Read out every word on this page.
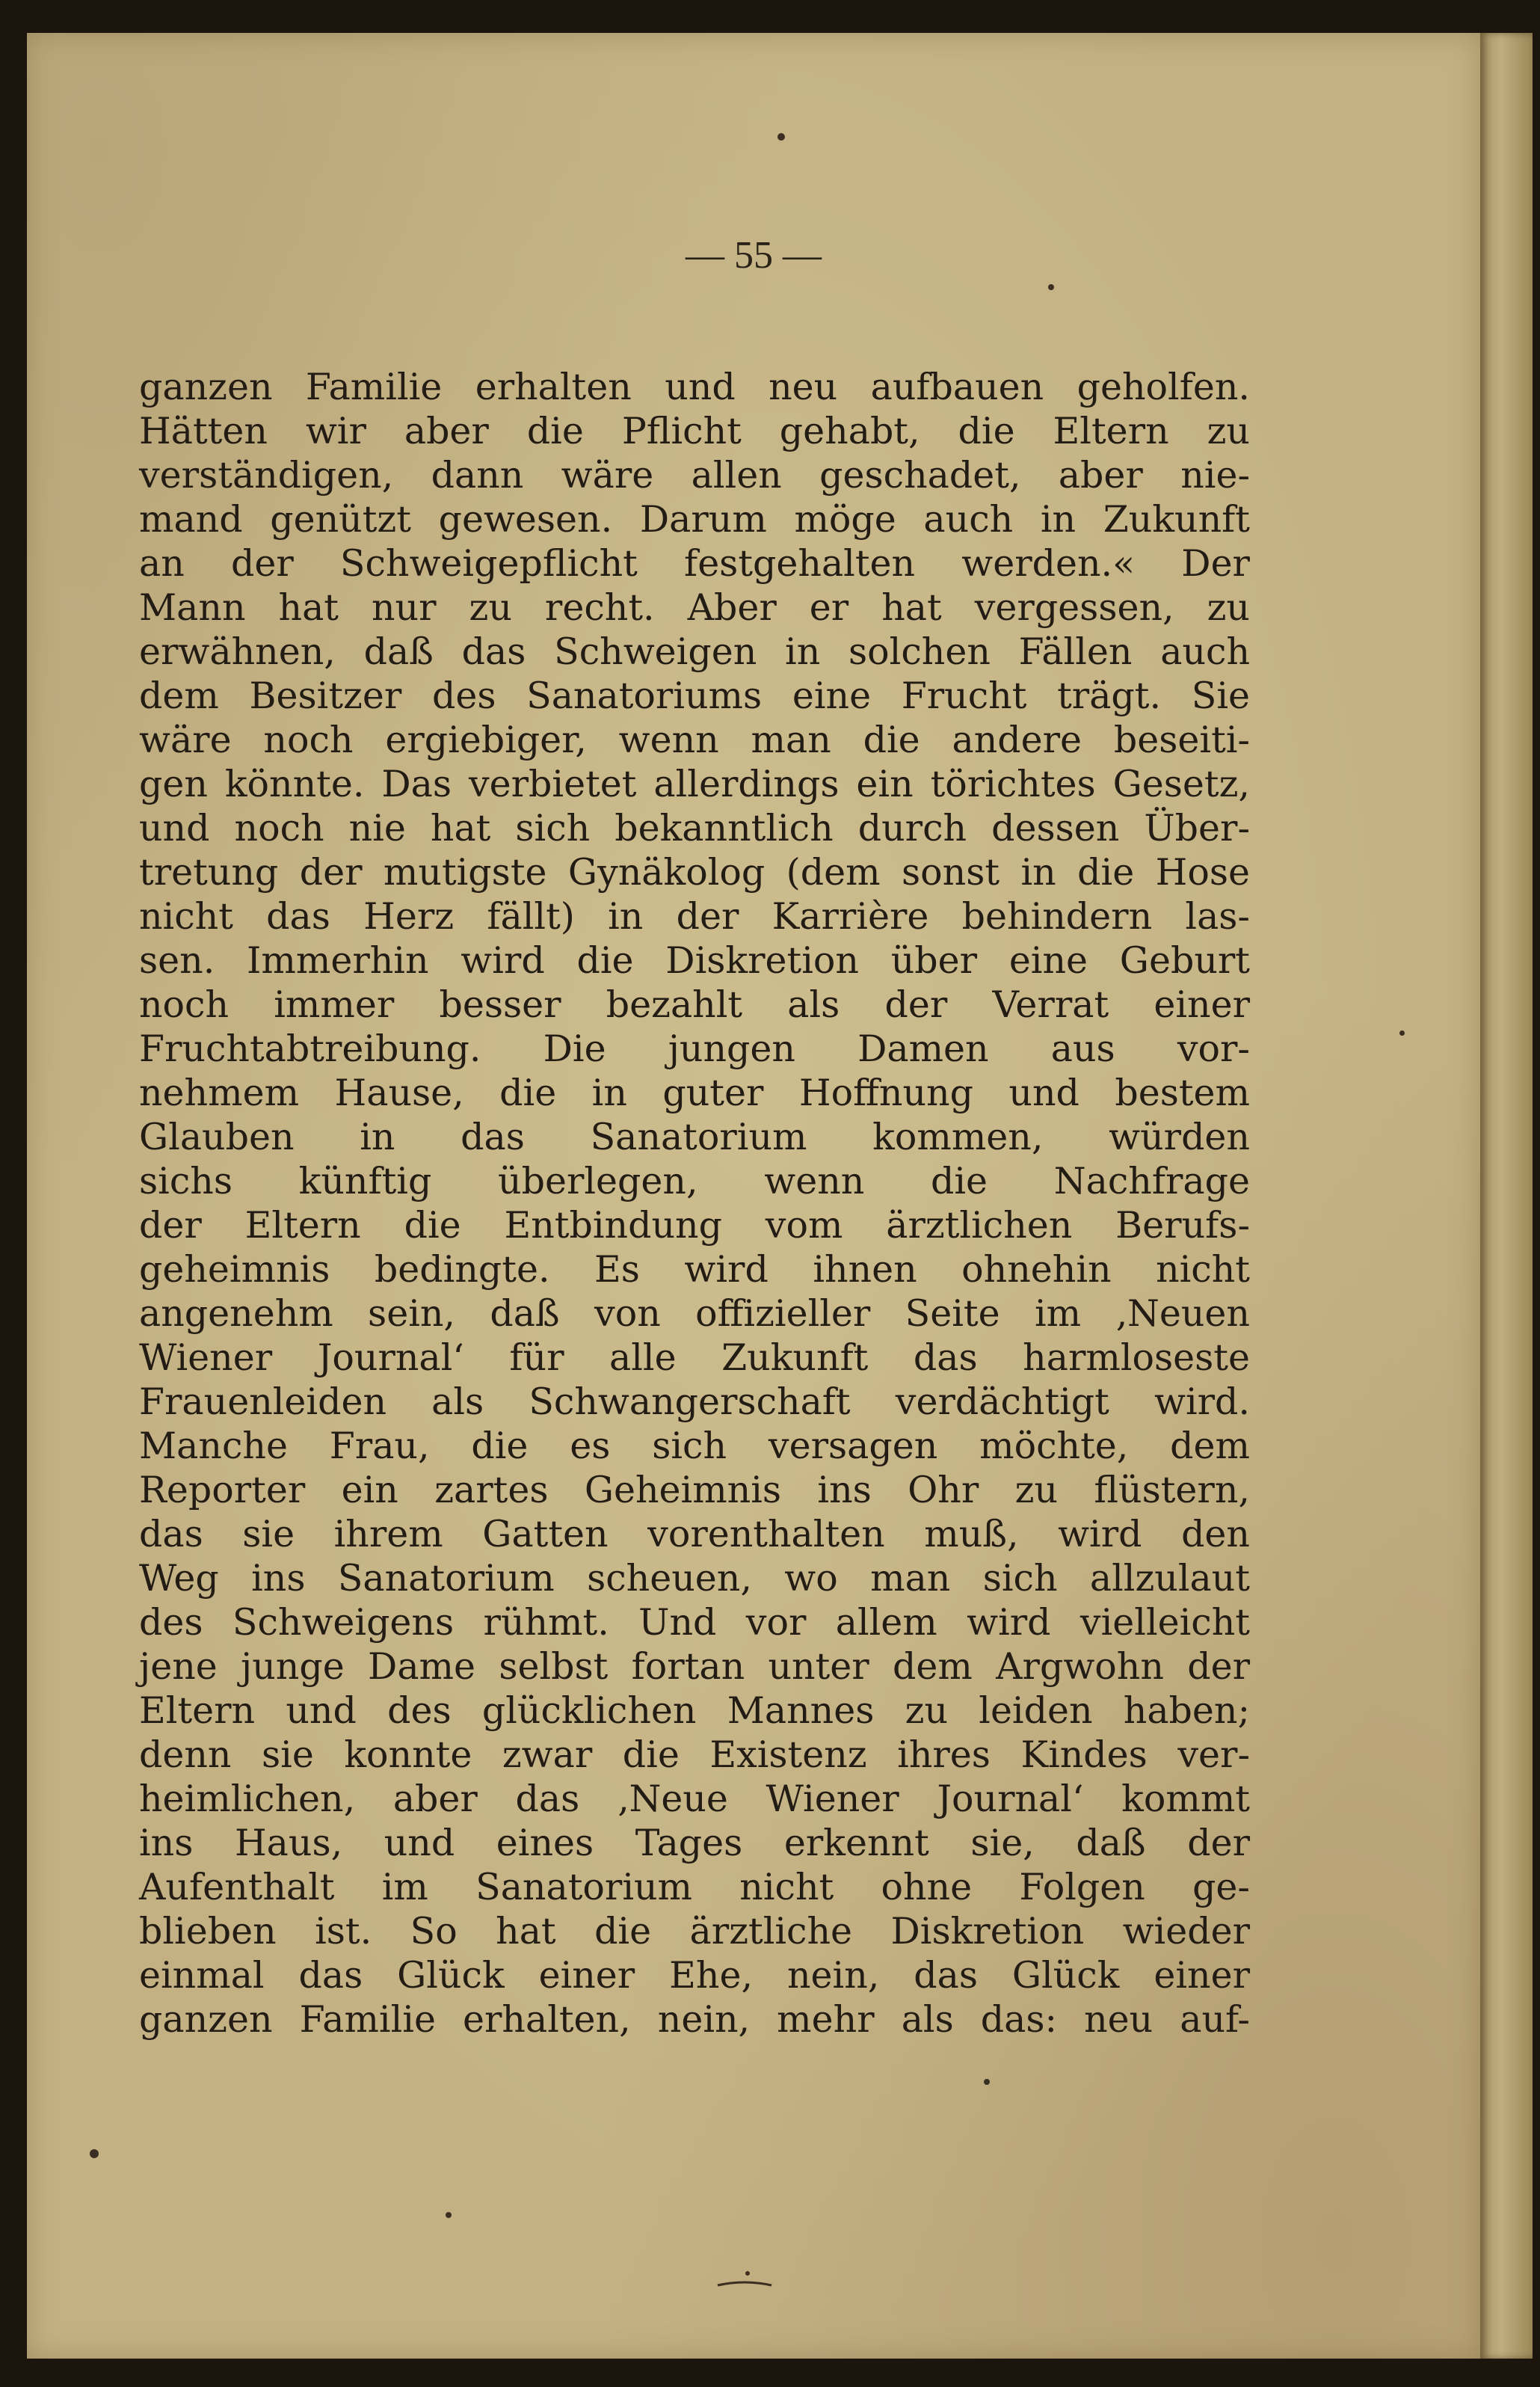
— 55 —

ganzen Familie erhalten und neu aufbauen geholfen.
Hätten wir aber die Pflicht gehabt, die Eltern zu
verständigen, dann wäre allen geschadet, aber nie-
mand genützt gewesen. Darum möge auch in Zukunft
an der Schweigepflicht festgehalten werden.« Der
Mann hat nur zu recht. Aber er hat vergessen, zu
erwähnen, daß das Schweigen in solchen Fällen auch
dem Besitzer des Sanatoriums eine Frucht trägt. Sie
wäre noch ergiebiger, wenn man die andere beseiti-
gen könnte. Das verbietet allerdings ein törichtes Gesetz,
und noch nie hat sich bekanntlich durch dessen Über-
tretung der mutigste Gynäkolog (dem sonst in die Hose
nicht das Herz fällt) in der Karrière behindern las-
sen. Immerhin wird die Diskretion über eine Geburt
noch immer besser bezahlt als der Verrat einer
Fruchtabtreibung. Die jungen Damen aus vor-
nehmem Hause, die in guter Hoffnung und bestem
Glauben in das Sanatorium kommen, würden
sichs künftig überlegen, wenn die Nachfrage
der Eltern die Entbindung vom ärztlichen Berufs-
geheimnis bedingte. Es wird ihnen ohnehin nicht
angenehm sein, daß von offizieller Seite im ‚Neuen
Wiener Journal‘ für alle Zukunft das harmloseste
Frauenleiden als Schwangerschaft verdächtigt wird.
Manche Frau, die es sich versagen möchte, dem
Reporter ein zartes Geheimnis ins Ohr zu flüstern,
das sie ihrem Gatten vorenthalten muß, wird den
Weg ins Sanatorium scheuen, wo man sich allzulaut
des Schweigens rühmt. Und vor allem wird vielleicht
jene junge Dame selbst fortan unter dem Argwohn der
Eltern und des glücklichen Mannes zu leiden haben;
denn sie konnte zwar die Existenz ihres Kindes ver-
heimlichen, aber das ‚Neue Wiener Journal‘ kommt
ins Haus, und eines Tages erkennt sie, daß der
Aufenthalt im Sanatorium nicht ohne Folgen ge-
blieben ist. So hat die ärztliche Diskretion wieder
einmal das Glück einer Ehe, nein, das Glück einer
ganzen Familie erhalten, nein, mehr als das: neu auf-
